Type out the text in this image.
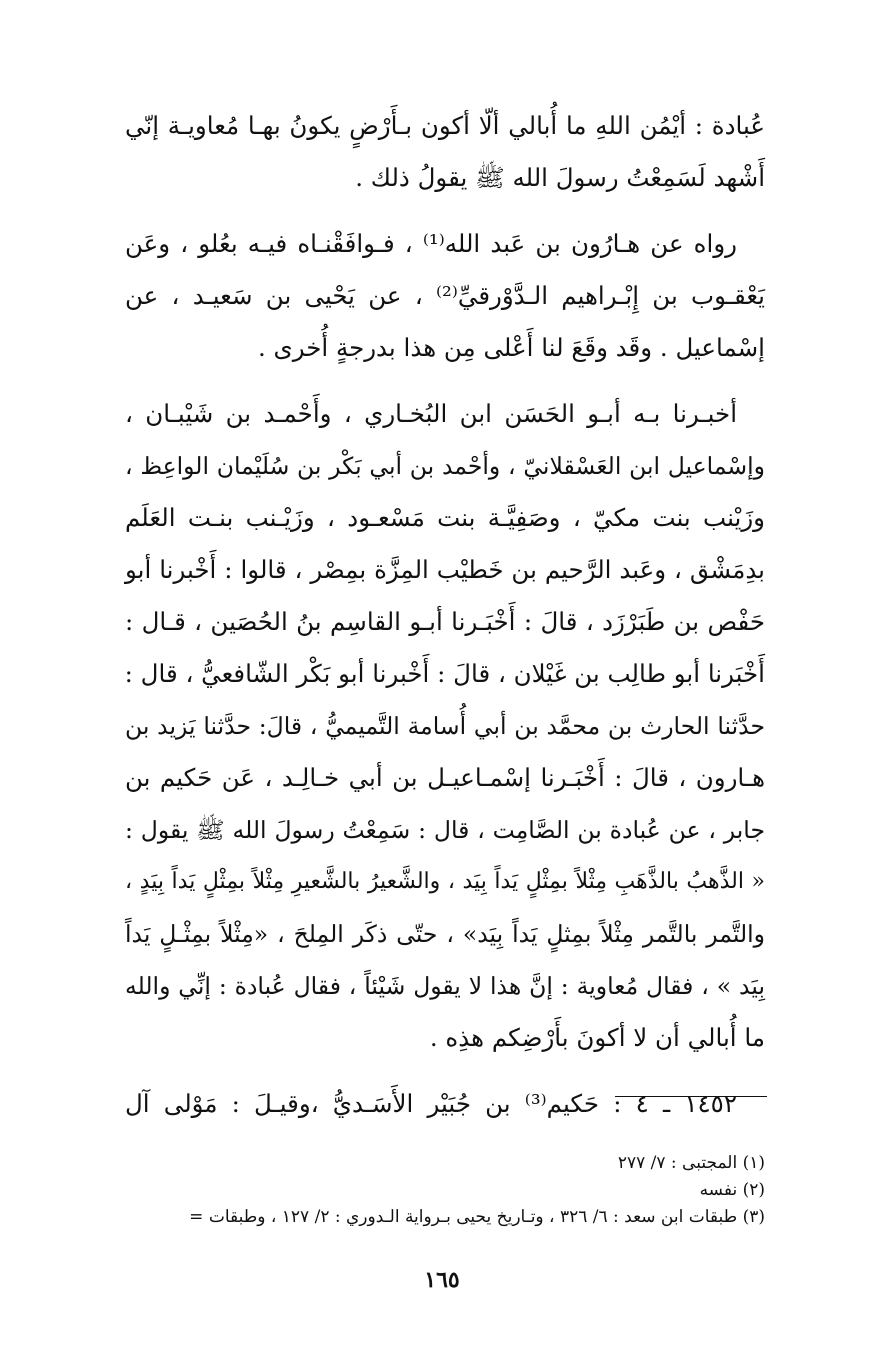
عُبادة : أيْمُن اللهِ ما أُبالي ألّا أكون بـأَرْضٍ يكونُ بهـا مُعاويـة إنّي
أَشْهد لَسَمِعْتُ رسولَ الله ﷺ يقولُ ذلك .

رواه عن هـارُون بن عَبد الله⁽¹⁾ ، فـوافَقْنـاه فيـه بعُلو ، وعَن
يَعْقـوب بن إِبْـراهيم الـدَّوْرقيِّ⁽²⁾ ، عن يَحْيى بن سَعيـد ، عن
إسْماعيل . وقَد وقَعَ لنا أَعْلى مِن هذا بدرجةٍ أُخرى .

أخبـرنا بـه أبـو الحَسَن ابن البُخـاري ، وأَحْمـد بن شَيْبـان ،
وإسْماعيل ابن العَسْقلانيّ ، وأحْمد بن أبي بَكْر بن سُلَيْمان الواعِظ ،
وزَيْنب بنت مكيّ ، وصَفِيَّـة بنت مَسْعـود ، وزَيْـنب بنـت العَلَم
بدِمَشْق ، وعَبد الرَّحيم بن خَطيْب المِزَّة بمِصْر ، قالوا : أَخْبرنا أبو
حَفْص بن طَبَرْزَد ، قالَ : أَخْبَـرنا أبـو القاسِم بنُ الحُصَين ، قـال :
أَخْبَرنا أبو طالِب بن غَيْلان ، قالَ : أَخْبرنا أبو بَكْر الشّافعيُّ ، قال :
حدَّثنا الحارث بن محمَّد بن أبي أُسامة التَّميميُّ ، قالَ: حدَّثنا يَزيد بن
هـارون ، قالَ : أَخْبَـرنا إسْمـاعيـل بن أبي خـالِـد ، عَن حَكيم بن
جابر ، عن عُبادة بن الصَّامِت ، قال : سَمِعْتُ رسولَ الله ﷺ يقول :
« الذَّهبُ بالذَّهَبِ مِثْلاً بمِثْلٍ يَداً بِيَد ، والشَّعيرُ بالشَّعيرِ مِثْلاً بمِثْلٍ يَداً بِيَدٍ ،
والتَّمر بالتَّمر مِثْلاً بمِثلٍ يَداً بِيَد» ، حتّى ذكَر المِلحَ ، «مِثْلاً بمِثْـلٍ يَداً
بِيَد » ، فقال مُعاوية : إنَّ هذا لا يقول شَيْئاً ، فقال عُبادة : إنِّي والله
ما أُبالي أن لا أكونَ بأَرْضِكم هذِه .

١٤٥٢ ـ ٤ : حَكيم⁽³⁾ بن جُبَيْر الأَسَـديُّ ،وقيـلَ : مَوْلى آل

(١) المجتبى : ٧/ ٢٧٧
(٢) نفسه
(٣) طبقات ابن سعد : ٦/ ٣٢٦ ، وتـاريخ يحيى بـرواية الـدوري : ٢/ ١٢٧ ، وطبقات =
١٦٥
